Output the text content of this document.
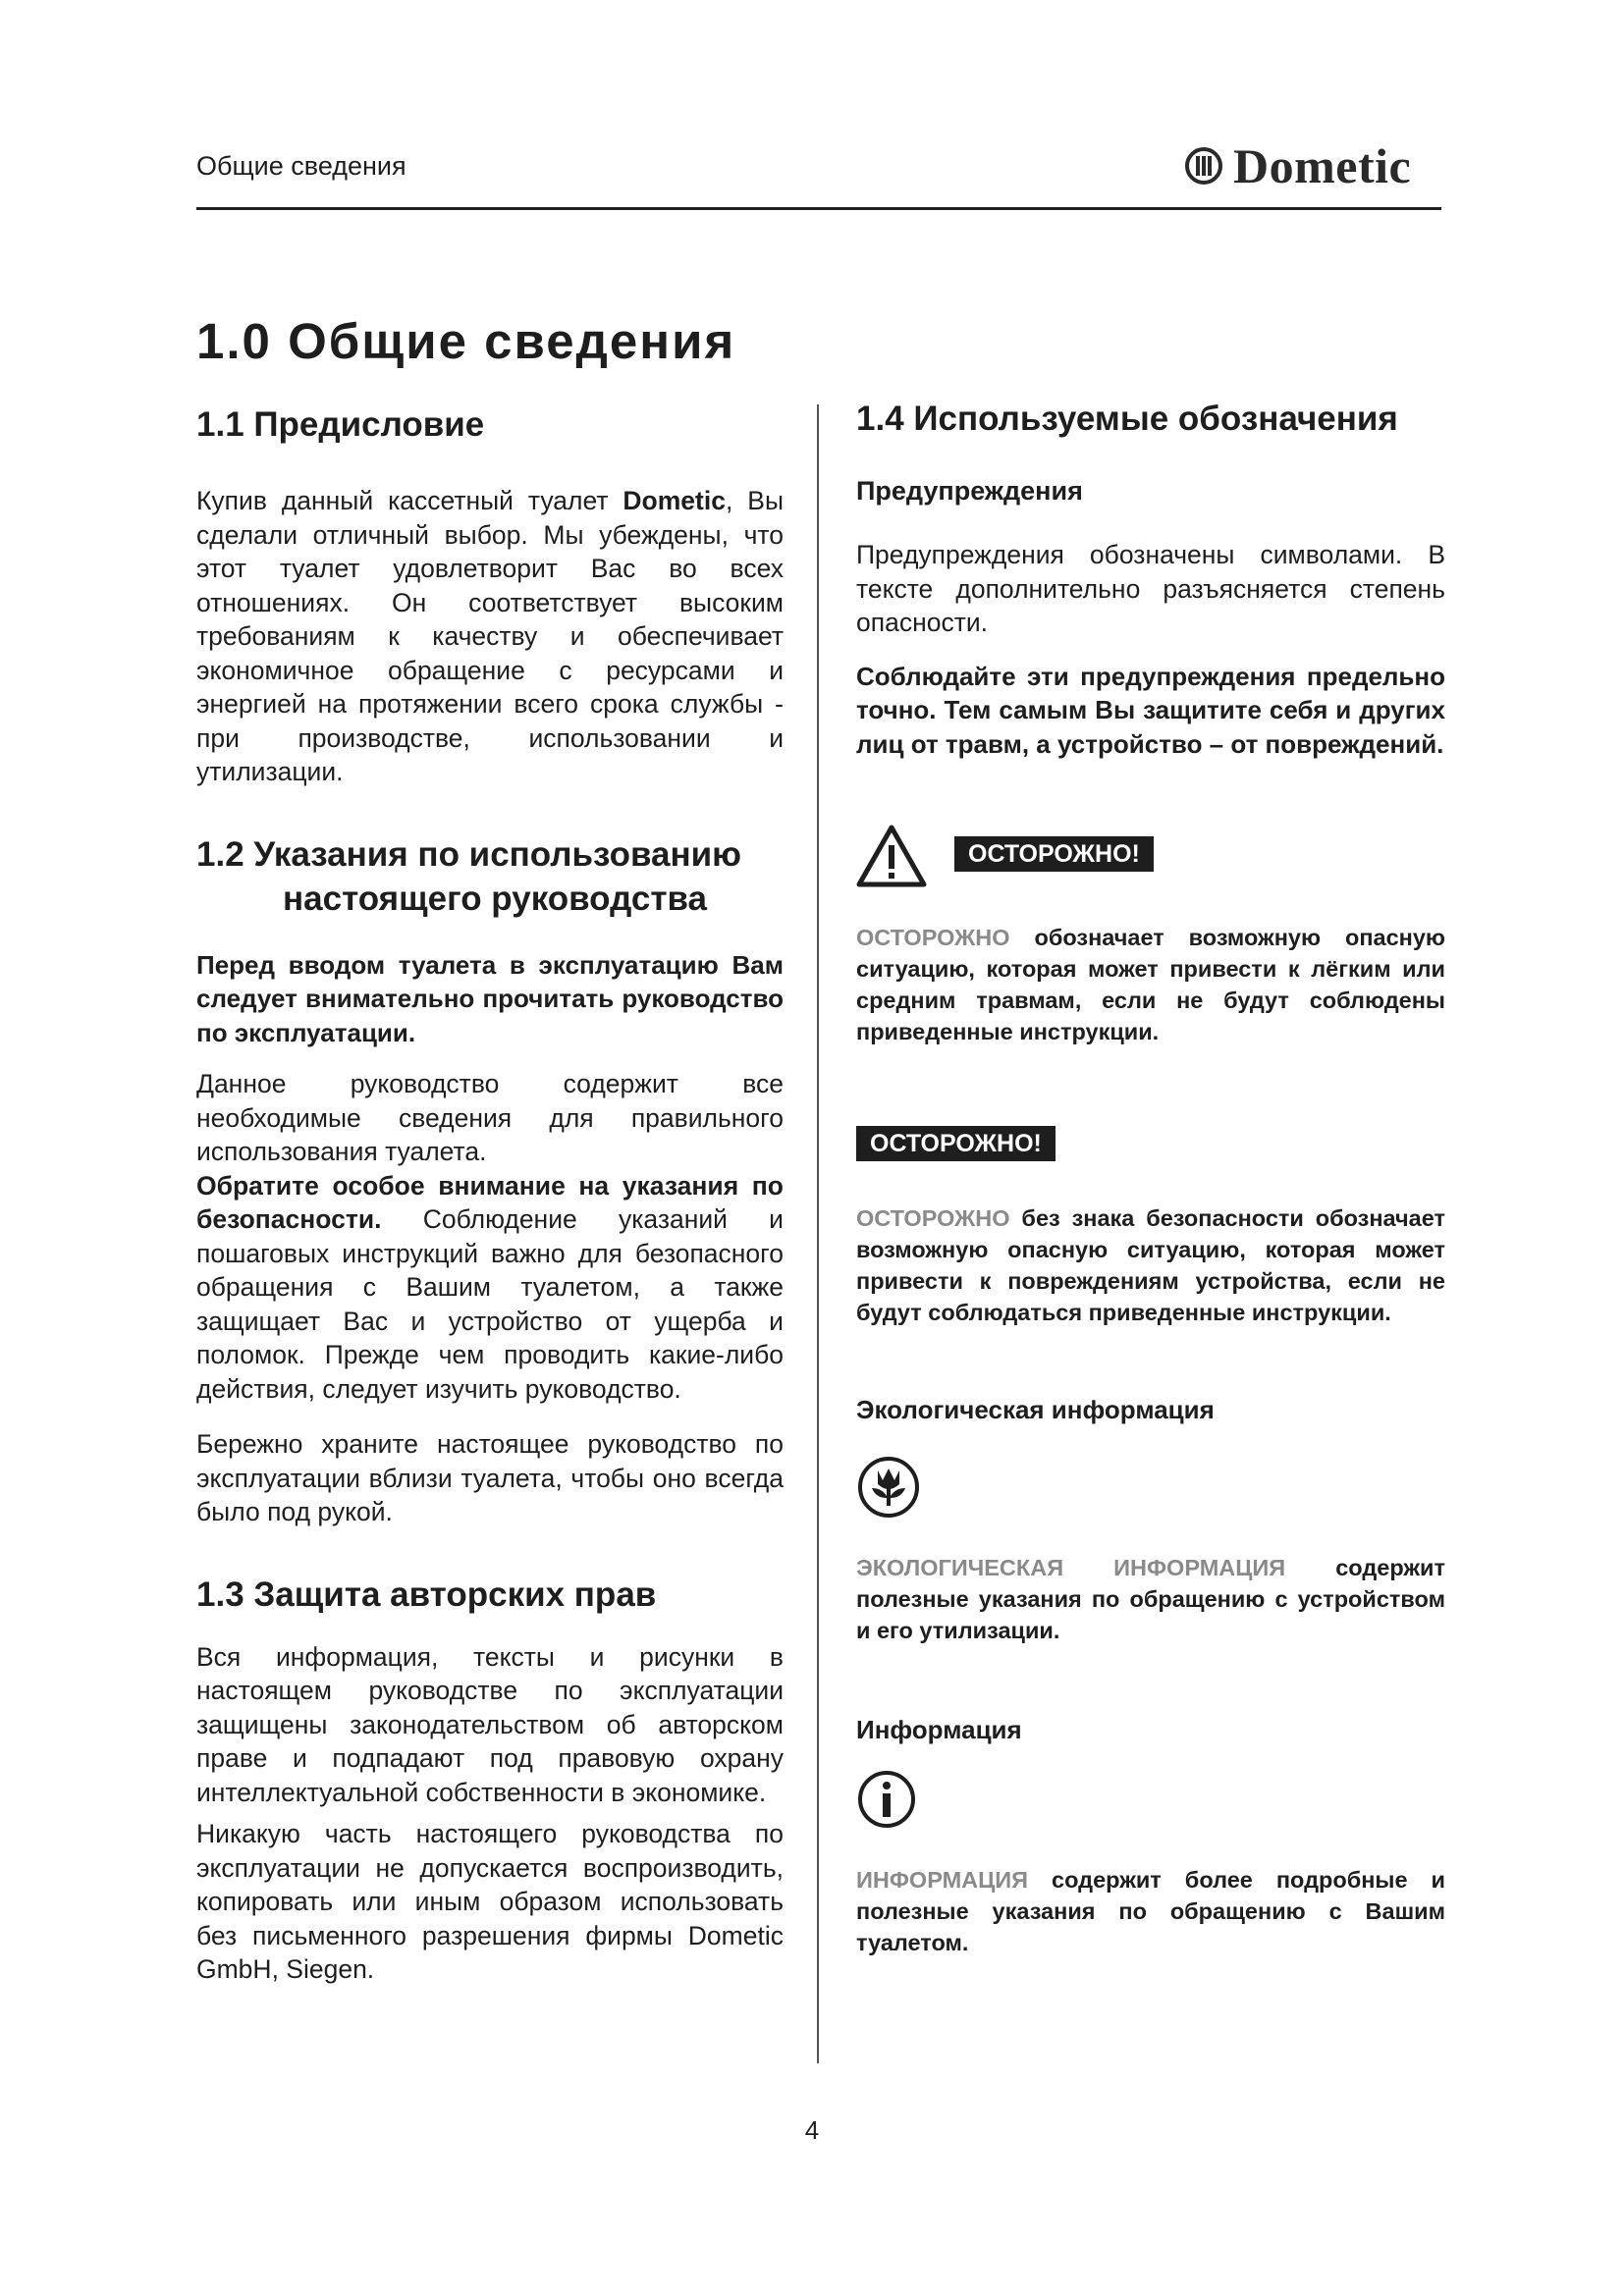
Общие сведения	Dometic
1.0 Общие сведения
1.1 Предисловие

Купив данный кассетный туалет Dometic, Вы сделали отличный выбор. Мы убеждены, что этот туалет удовлетворит Вас во всех отношениях. Он соответствует высоким требованиям к качеству и обеспечивает экономичное обращение с ресурсами и энергией на протяжении всего срока службы - при производстве, использовании и утилизации.

1.2 Указания по использованию
настоящего руководства

Перед вводом туалета в эксплуатацию Вам следует внимательно прочитать руководство по эксплуатации.

Данное руководство содержит все необходимые сведения для правильного использования туалета.

Обратите особое внимание на указания по безопасности. Соблюдение указаний и пошаговых инструкций важно для безопасного обращения с Вашим туалетом, а также защищает Вас и устройство от ущерба и поломок. Прежде чем проводить какие-либо действия, следует изучить руководство.

Бережно храните настоящее руководство по эксплуатации вблизи туалета, чтобы оно всегда было под рукой.

1.3 Защита авторских прав

Вся информация, тексты и рисунки в настоящем руководстве по эксплуатации защищены законодательством об авторском праве и подпадают под правовую охрану интеллектуальной собственности в экономике.

Никакую часть настоящего руководства по эксплуатации не допускается воспроизводить, копировать или иным образом использовать без письменного разрешения фирмы Dometic GmbH, Siegen.

1.4 Используемые обозначения

Предупреждения

Предупреждения обозначены символами. В тексте дополнительно разъясняется степень опасности.

Соблюдайте эти предупреждения предельно точно. Тем самым Вы защитите себя и других лиц от травм, а устройство – от повреждений.

ОСТОРОЖНО!

ОСТОРОЖНО обозначает возможную опасную ситуацию, которая может привести к лёгким или средним травмам, если не будут соблюдены приведенные инструкции.

ОСТОРОЖНО!

ОСТОРОЖНО без знака безопасности обозначает возможную опасную ситуацию, которая может привести к повреждениям устройства, если не будут соблюдаться приведенные инструкции.

Экологическая информация

ЭКОЛОГИЧЕСКАЯ ИНФОРМАЦИЯ содержит полезные указания по обращению с устройством и его утилизации.

Информация

ИНФОРМАЦИЯ содержит более подробные и полезные указания по обращению с Вашим туалетом.

4
